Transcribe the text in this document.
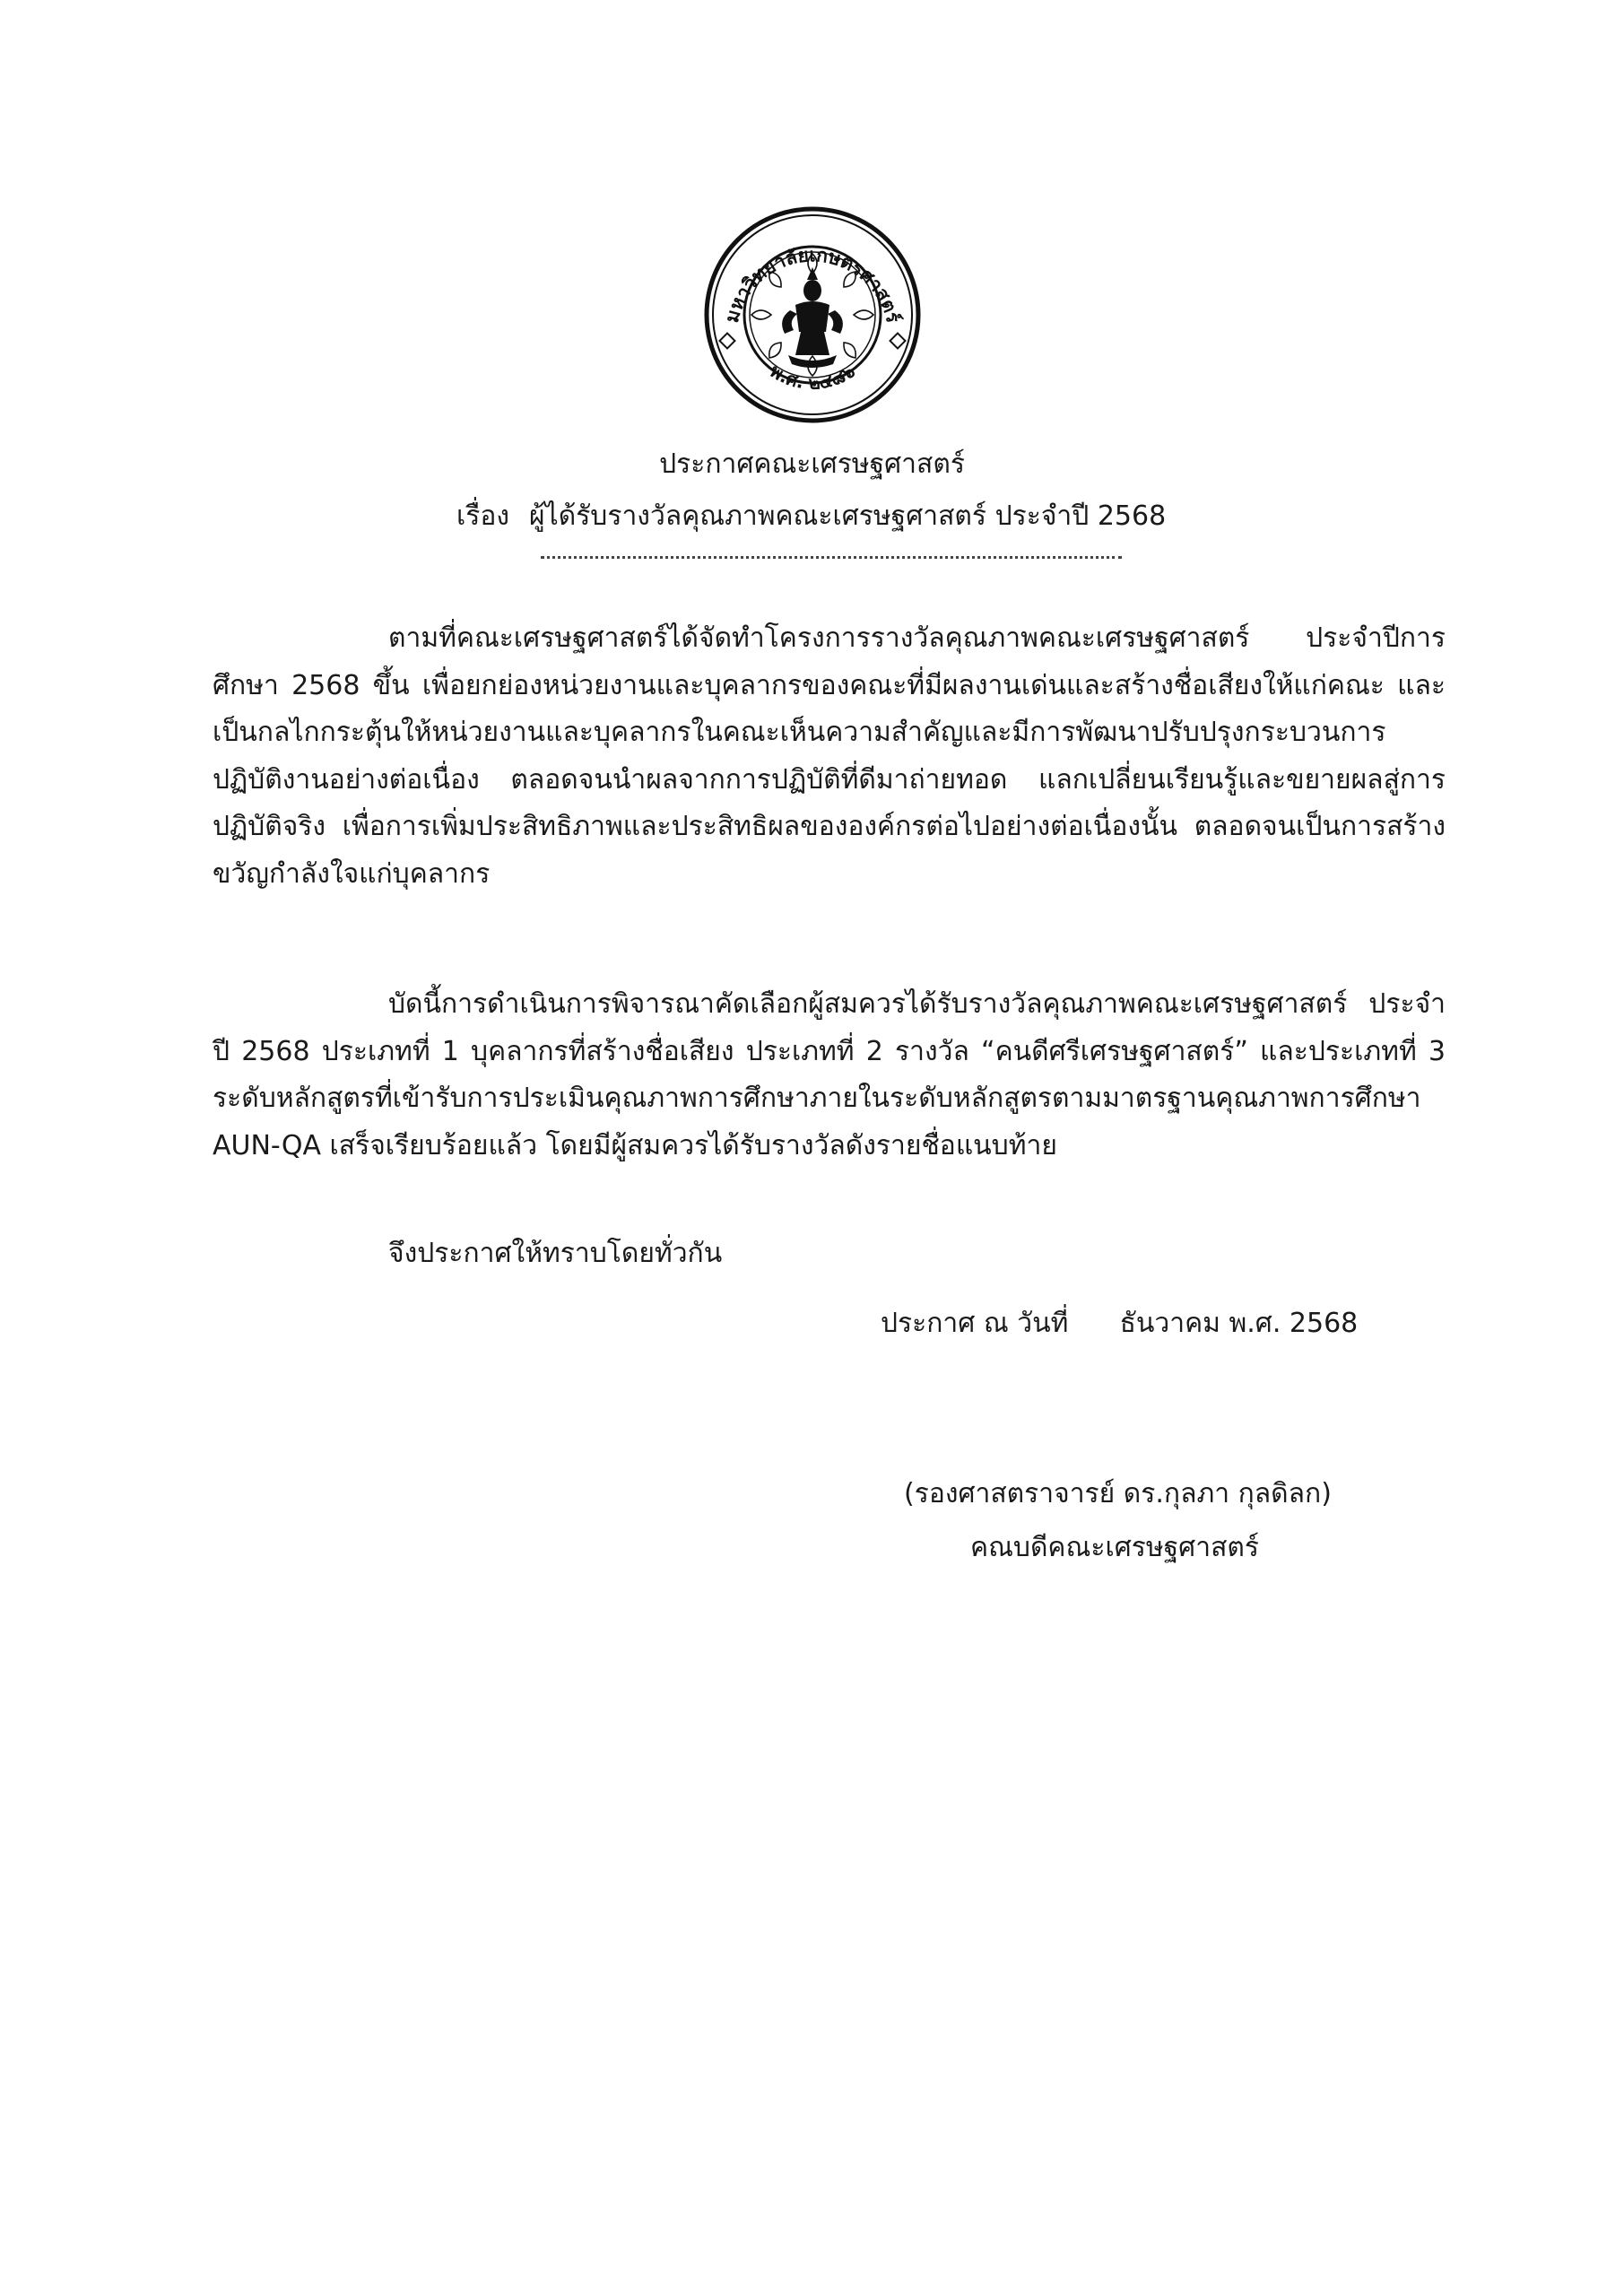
มหาวิทยาลัยเกษตรศาสตร์
พ.ศ. ๒๔๘๖
ประกาศคณะเศรษฐศาสตร์
เรื่อง ผู้ได้รับรางวัลคุณภาพคณะเศรษฐศาสตร์ ประจำปี 2568
ตามที่คณะเศรษฐศาสตร์ได้จัดทำโครงการรางวัลคุณภาพคณะเศรษฐศาสตร์ ประจำปีการศึกษา 2568 ขึ้น เพื่อยกย่องหน่วยงานและบุคลากรของคณะที่มีผลงานเด่นและสร้างชื่อเสียงให้แก่คณะ และเป็นกลไกกระตุ้นให้หน่วยงานและบุคลากรในคณะเห็นความสำคัญและมีการพัฒนาปรับปรุงกระบวนการปฏิบัติงานอย่างต่อเนื่อง ตลอดจนนำผลจากการปฏิบัติที่ดีมาถ่ายทอด แลกเปลี่ยนเรียนรู้และขยายผลสู่การปฏิบัติจริง เพื่อการเพิ่มประสิทธิภาพและประสิทธิผลขององค์กรต่อไปอย่างต่อเนื่องนั้น ตลอดจนเป็นการสร้างขวัญกำลังใจแก่บุคลากร
บัดนี้การดำเนินการพิจารณาคัดเลือกผู้สมควรได้รับรางวัลคุณภาพคณะเศรษฐศาสตร์ ประจำปี 2568 ประเภทที่ 1 บุคลากรที่สร้างชื่อเสียง ประเภทที่ 2 รางวัล “คนดีศรีเศรษฐศาสตร์” และประเภทที่ 3 ระดับหลักสูตรที่เข้ารับการประเมินคุณภาพการศึกษาภายในระดับหลักสูตรตามมาตรฐานคุณภาพการศึกษา AUN-QA เสร็จเรียบร้อยแล้ว โดยมีผู้สมควรได้รับรางวัลดังรายชื่อแนบท้าย
จึงประกาศให้ทราบโดยทั่วกัน
ประกาศ ณ วันที่      ธันวาคม พ.ศ. 2568
(รองศาสตราจารย์ ดร.กุลภา กุลดิลก)
คณบดีคณะเศรษฐศาสตร์
